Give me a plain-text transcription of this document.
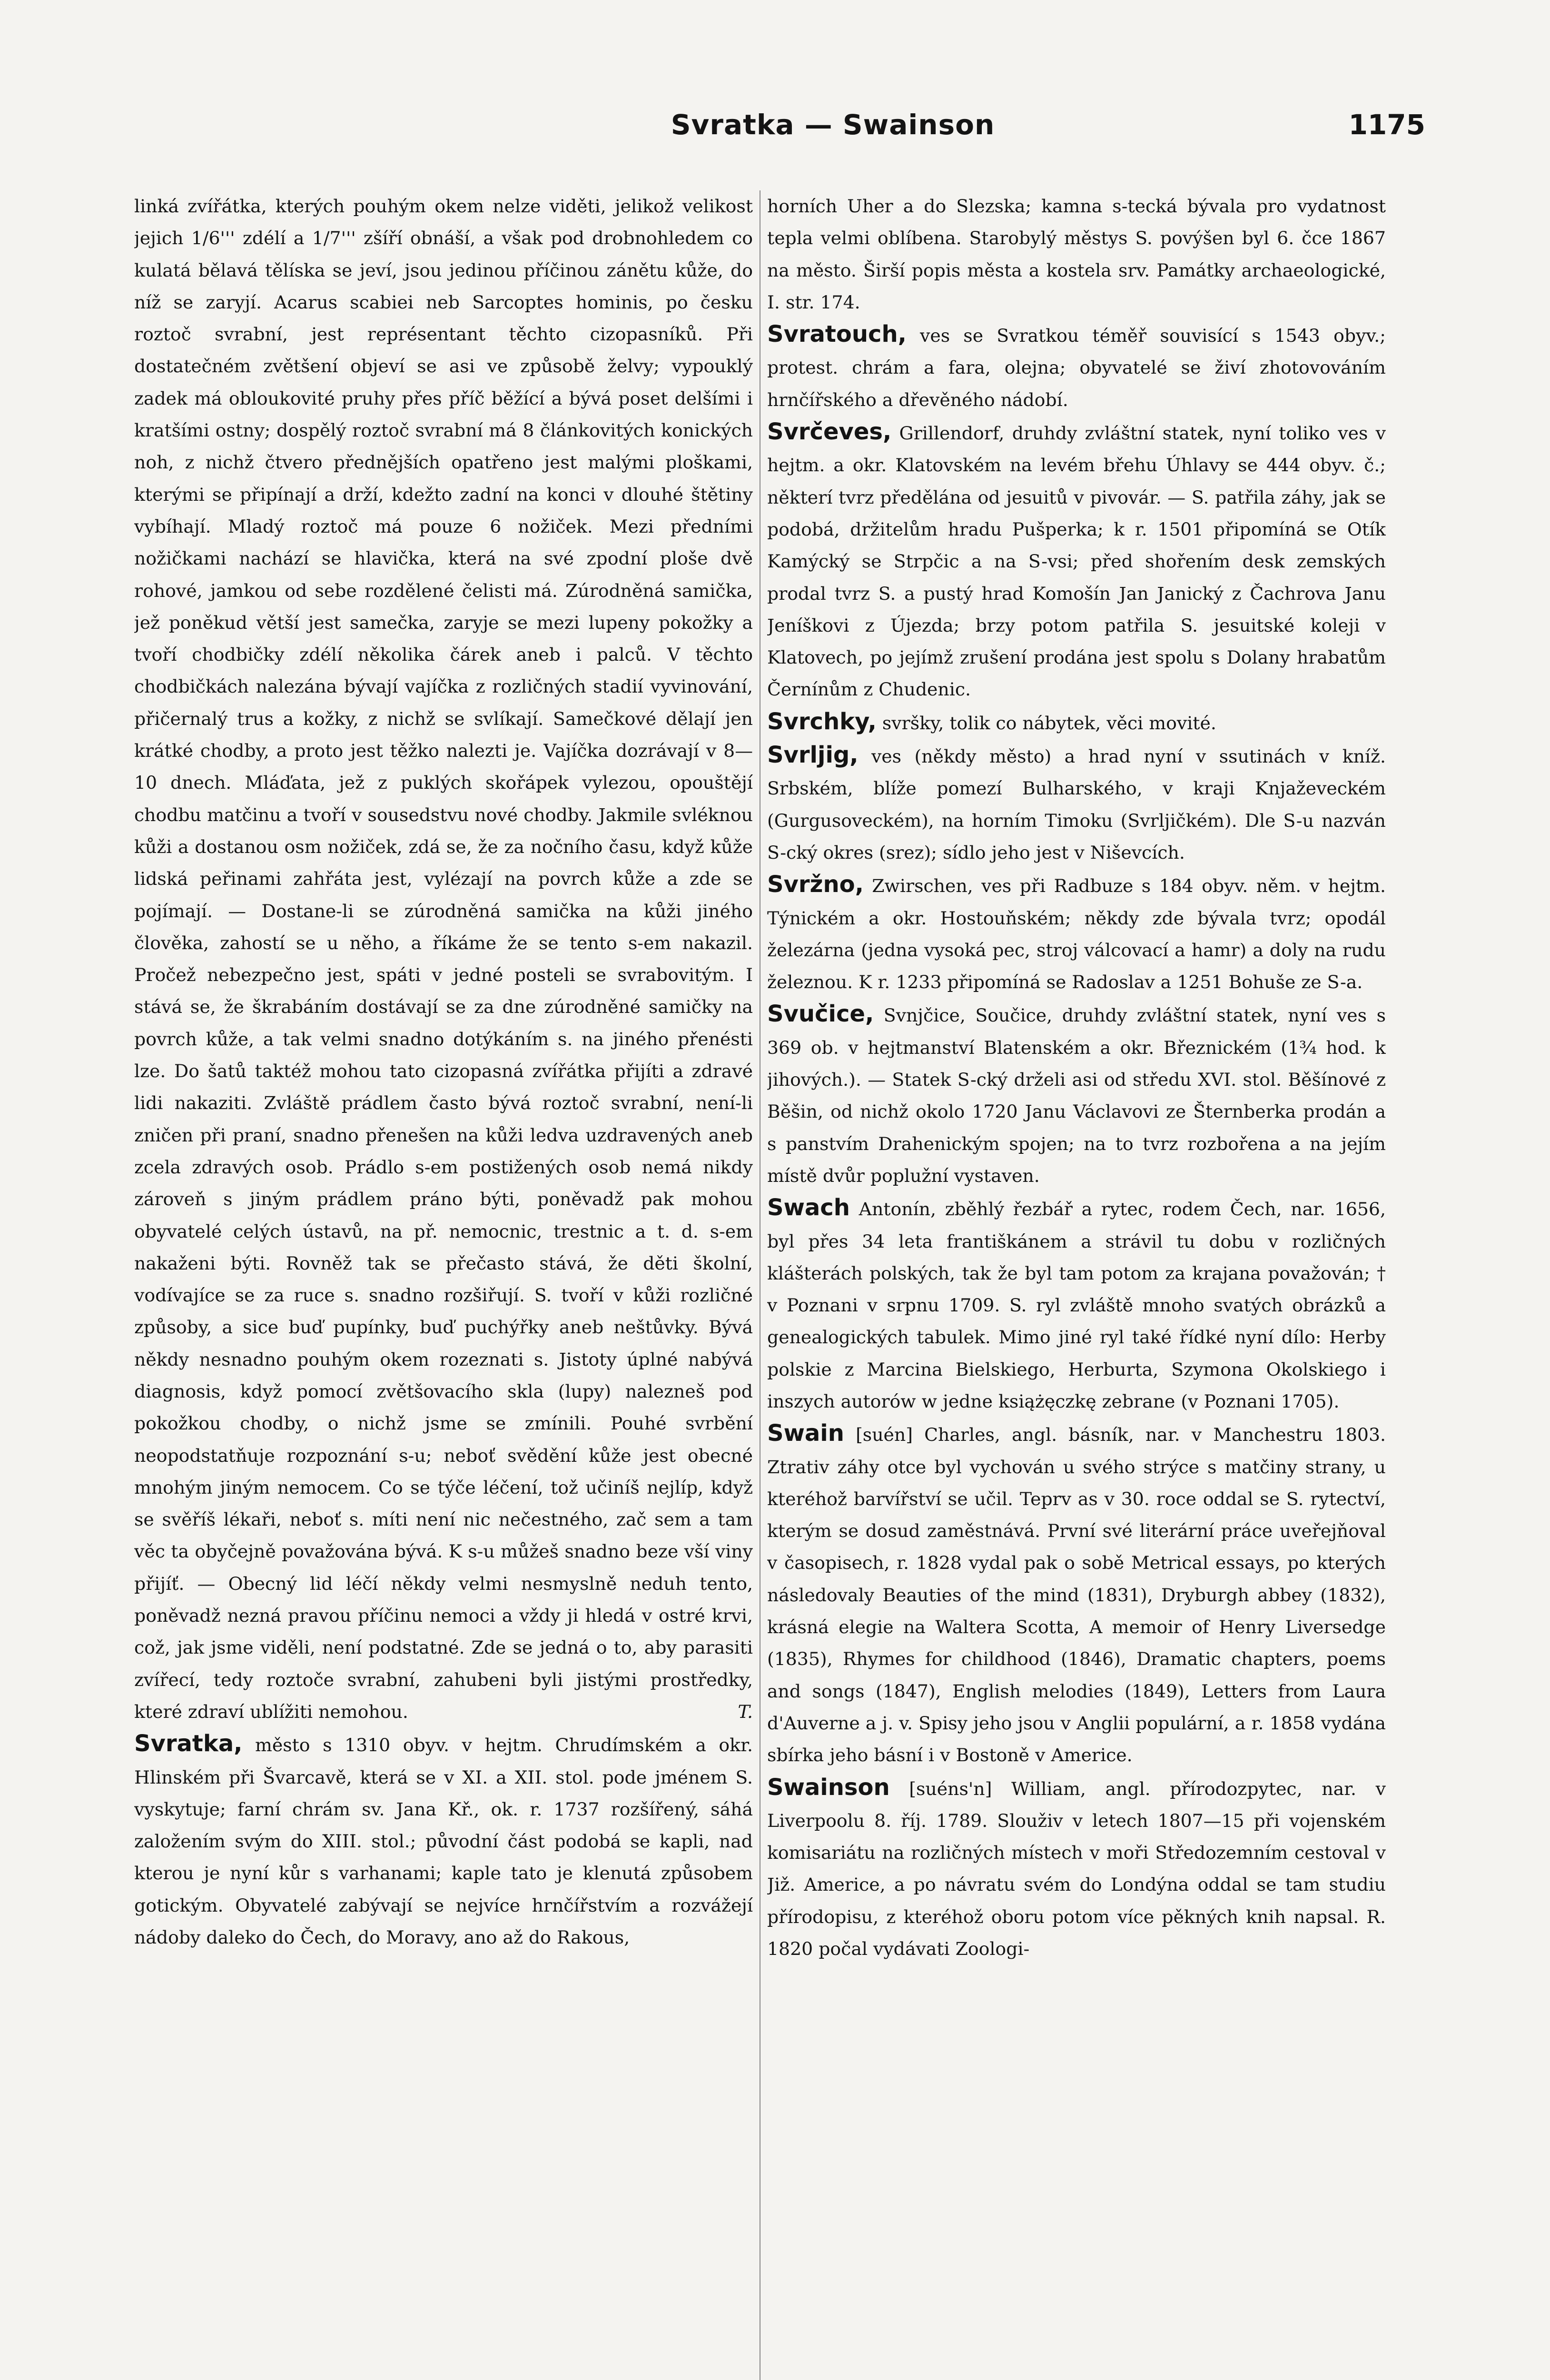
Svratka — Swainson	1175

linká zvířátka, kterých pouhým okem nelze viděti, jelikož velikost jejich 1/6''' zdélí a 1/7''' zšíří obnáší, a však pod drobnohledem co kulatá bělavá tělíska se jeví, jsou jedinou příčinou zánětu kůže, do níž se zaryjí. Acarus scabiei neb Sarcoptes hominis, po česku roztoč svrabní, jest représentant těchto cizopasníků. Při dostatečném zvětšení objeví se asi ve způsobě želvy; vypouklý zadek má obloukovité pruhy přes příč běžící a bývá poset delšími i kratšími ostny; dospělý roztoč svrabní má 8 článkovitých konických noh, z nichž čtvero přednějších opatřeno jest malými ploškami, kterými se připínají a drží, kdežto zadní na konci v dlouhé štětiny vybíhají. Mladý roztoč má pouze 6 nožiček. Mezi předními nožičkami nachází se hlavička, která na své zpodní ploše dvě rohové, jamkou od sebe rozdělené čelisti má. Zúrodněná samička, jež poněkud větší jest samečka, zaryje se mezi lupeny pokožky a tvoří chodbičky zdélí několika čárek aneb i palců. V těchto chodbičkách nalezána bývají vajíčka z rozličných stadií vyvinování, přičernalý trus a kožky, z nichž se svlíkají. Samečkové dělají jen krátké chodby, a proto jest těžko nalezti je. Vajíčka dozrávají v 8—10 dnech. Mláďata, jež z puklých skořápek vylezou, opouštějí chodbu matčinu a tvoří v sousedstvu nové chodby. Jakmile svléknou kůži a dostanou osm nožiček, zdá se, že za nočního času, když kůže lidská peřinami zahřáta jest, vylézají na povrch kůže a zde se pojímají. — Dostane-li se zúrodněná samička na kůži jiného člověka, zahostí se u něho, a říkáme že se tento s-em nakazil. Pročež nebezpečno jest, spáti v jedné posteli se svrabovitým. I stává se, že škrabáním dostávají se za dne zúrodněné samičky na povrch kůže, a tak velmi snadno dotýkáním s. na jiného přenésti lze. Do šatů taktéž mohou tato cizopasná zvířátka přijíti a zdravé lidi nakaziti. Zvláště prádlem často bývá roztoč svrabní, není-li zničen při praní, snadno přenešen na kůži ledva uzdravených aneb zcela zdravých osob. Prádlo s-em postižených osob nemá nikdy zároveň s jiným prádlem práno býti, poněvadž pak mohou obyvatelé celých ústavů, na př. nemocnic, trestnic a t. d. s-em nakaženi býti. Rovněž tak se přečasto stává, že děti školní, vodívajíce se za ruce s. snadno rozšiřují. S. tvoří v kůži rozličné způsoby, a sice buď pupínky, buď puchýřky aneb neštůvky. Bývá někdy nesnadno pouhým okem rozeznati s. Jistoty úplné nabývá diagnosis, když pomocí zvětšovacího skla (lupy) nalezneš pod pokožkou chodby, o nichž jsme se zmínili. Pouhé svrbění neopodstatňuje rozpoznání s-u; neboť svědění kůže jest obecné mnohým jiným nemocem. Co se týče léčení, tož učiníš nejlíp, když se svěříš lékaři, neboť s. míti není nic nečestného, zač sem a tam věc ta obyčejně považována bývá. K s-u můžeš snadno beze vší viny přijíť. — Obecný lid léčí někdy velmi nesmyslně neduh tento, poněvadž nezná pravou příčinu nemoci a vždy ji hledá v ostré krvi, což, jak jsme viděli, není podstatné. Zde se jedná o to, aby parasiti zvířecí, tedy roztoče svrabní, zahubeni byli jistými prostředky, které zdraví ublížiti nemohou.	T.

Svratka, město s 1310 obyv. v hejtm. Chrudímském a okr. Hlinském při Švarcavě, která se v XI. a XII. stol. pode jménem S. vyskytuje; farní chrám sv. Jana Kř., ok. r. 1737 rozšířený, sáhá založením svým do XIII. stol.; původní část podobá se kapli, nad kterou je nyní kůr s varhanami; kaple tato je klenutá způsobem gotickým. Obyvatelé zabývají se nejvíce hrnčířstvím a rozvážejí nádoby daleko do Čech, do Moravy, ano až do Rakous,

horních Uher a do Slezska; kamna s-tecká bývala pro vydatnost tepla velmi oblíbena. Starobylý městys S. povýšen byl 6. čce 1867 na město. Širší popis města a kostela srv. Památky archaeologické, I. str. 174.

Svratouch, ves se Svratkou téměř souvisící s 1543 obyv.; protest. chrám a fara, olejna; obyvatelé se živí zhotovováním hrnčířského a dřevěného nádobí.

Svrčeves, Grillendorf, druhdy zvláštní statek, nyní toliko ves v hejtm. a okr. Klatovském na levém břehu Úhlavy se 444 obyv. č.; některí tvrz předělána od jesuitů v pivovár. — S. patřila záhy, jak se podobá, držitelům hradu Pušperka; k r. 1501 připomíná se Otík Kamýcký se Strpčic a na S-vsi; před shořením desk zemských prodal tvrz S. a pustý hrad Komošín Jan Janický z Čachrova Janu Jeníškovi z Újezda; brzy potom patřila S. jesuitské koleji v Klatovech, po jejímž zrušení prodána jest spolu s Dolany hrabatům Černínům z Chudenic.

Svrchky, svršky, tolik co nábytek, věci movité.

Svrljig, ves (někdy město) a hrad nyní v ssutinách v kníž. Srbském, blíže pomezí Bulharského, v kraji Knjaževeckém (Gurgusoveckém), na horním Timoku (Svrljičkém). Dle S-u nazván S-cký okres (srez); sídlo jeho jest v Niševcích.

Svržno, Zwirschen, ves při Radbuze s 184 obyv. něm. v hejtm. Týnickém a okr. Hostouňském; někdy zde bývala tvrz; opodál železárna (jedna vysoká pec, stroj válcovací a hamr) a doly na rudu železnou. K r. 1233 připomíná se Radoslav a 1251 Bohuše ze S-a.

Svučice, Svnjčice, Součice, druhdy zvláštní statek, nyní ves s 369 ob. v hejtmanství Blatenském a okr. Březnickém (1¾ hod. k jihových.). — Statek S-cký drželi asi od středu XVI. stol. Běšínové z Běšin, od nichž okolo 1720 Janu Václavovi ze Šternberka prodán a s panstvím Drahenickým spojen; na to tvrz rozbořena a na jejím místě dvůr poplužní vystaven.

Swach Antonín, zběhlý řezbář a rytec, rodem Čech, nar. 1656, byl přes 34 leta františkánem a strávil tu dobu v rozličných klášterách polských, tak že byl tam potom za krajana považován; † v Poznani v srpnu 1709. S. ryl zvláště mnoho svatých obrázků a genealogických tabulek. Mimo jiné ryl také řídké nyní dílo: Herby polskie z Marcina Bielskiego, Herburta, Szymona Okolskiego i inszych autorów w jedne książęczkę zebrane (v Poznani 1705).

Swain [suén] Charles, angl. básník, nar. v Manchestru 1803. Ztrativ záhy otce byl vychován u svého strýce s matčiny strany, u kteréhož barvířství se učil. Teprv as v 30. roce oddal se S. rytectví, kterým se dosud zaměstnává. První své literární práce uveřejňoval v časopisech, r. 1828 vydal pak o sobě Metrical essays, po kterých následovaly Beauties of the mind (1831), Dryburgh abbey (1832), krásná elegie na Waltera Scotta, A memoir of Henry Liversedge (1835), Rhymes for childhood (1846), Dramatic chapters, poems and songs (1847), English melodies (1849), Letters from Laura d'Auverne a j. v. Spisy jeho jsou v Anglii populární, a r. 1858 vydána sbírka jeho básní i v Bostoně v Americe.

Swainson [suéns'n] William, angl. přírodozpytec, nar. v Liverpoolu 8. říj. 1789. Slouživ v letech 1807—15 při vojenském komisariátu na rozličných místech v moři Středozemním cestoval v Již. Americe, a po návratu svém do Londýna oddal se tam studiu přírodopisu, z kteréhož oboru potom více pěkných knih napsal. R. 1820 počal vydávati Zoologi-
